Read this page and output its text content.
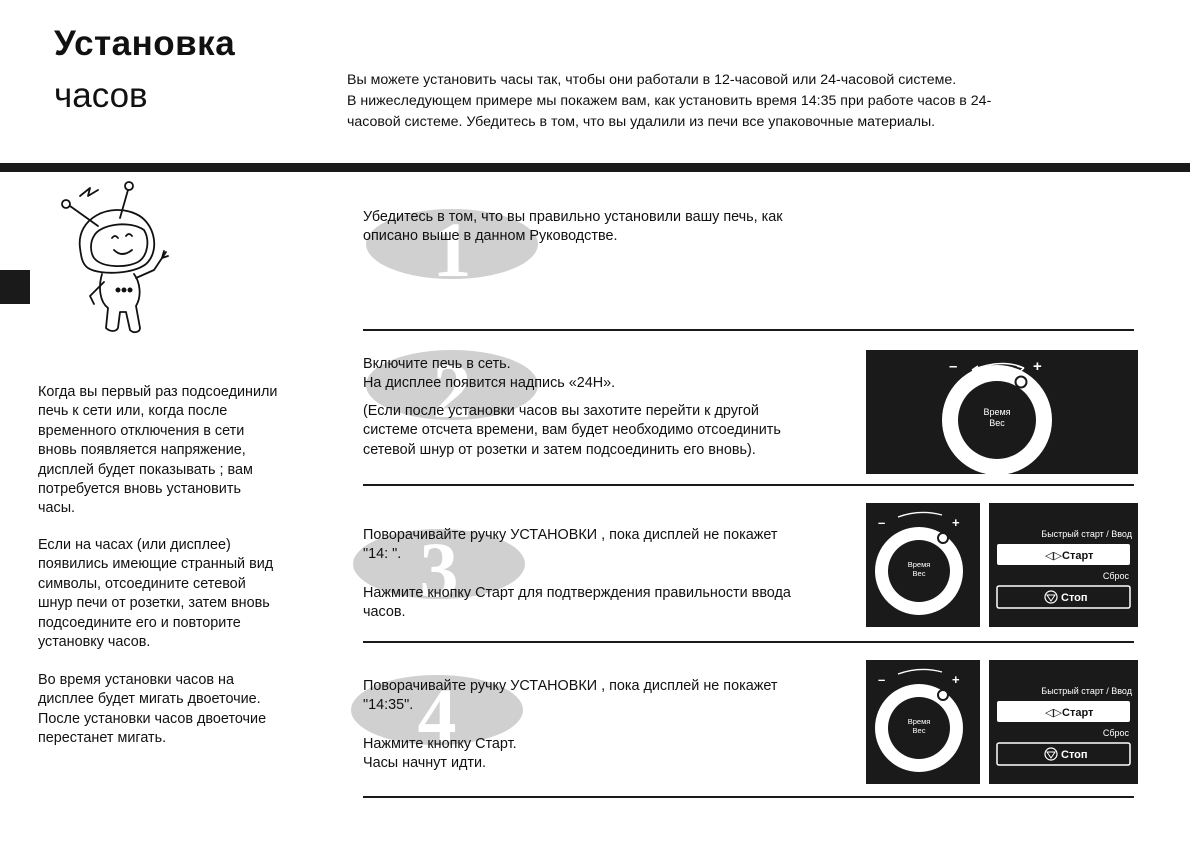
Установка
часов	Вы можете установить часы так, чтобы они работали в 12-часовой или 24-часовой системе.
В нижеследующем примере мы покажем вам, как установить время 14:35 при работе часов в 24-
часовой системе. Убедитесь в том, что вы удалили из печи все упаковочные материалы.
Когда вы первый раз подсоединили
печь к сети или, когда после
временного отключения в сети
вновь появляется напряжение,
дисплей будет показывать ; вам
потребуется вновь установить
часы.
Если на часах (или дисплее)
появились имеющие странный вид
символы, отсоедините сетевой
шнур печи от розетки, затем вновь
подсоедините его и повторите
установку часов.
Во время установки часов на
дисплее будет мигать двоеточие.
После установки часов двоеточие
перестанет мигать.
1
2
3
4
Убедитесь в том, что вы правильно установили вашу печь, как
описано выше в данном Руководстве.
Включите печь в сеть.
На дисплее появится надпись «24H».
(Если после установки часов вы захотите перейти к другой
системе отсчета времени, вам будет необходимо отсоединить
сетевой шнур от розетки и затем подсоединить его вновь).
–	+
Время
Вес
Поворачивайте ручку УСТАНОВКИ , пока дисплей не покажет
"14: ".
Нажмите кнопку Старт для подтверждения правильности ввода
часов.
–	+
Время
Вес
Быстрый старт / Ввод
◁▷ Старт
Сброс
Стоп
Поворачивайте ручку УСТАНОВКИ , пока дисплей не покажет
"14:35".
Нажмите кнопку Старт.
Часы начнут идти.
–	+
Время
Вес
Быстрый старт / Ввод
◁▷ Старт
Сброс
Стоп
